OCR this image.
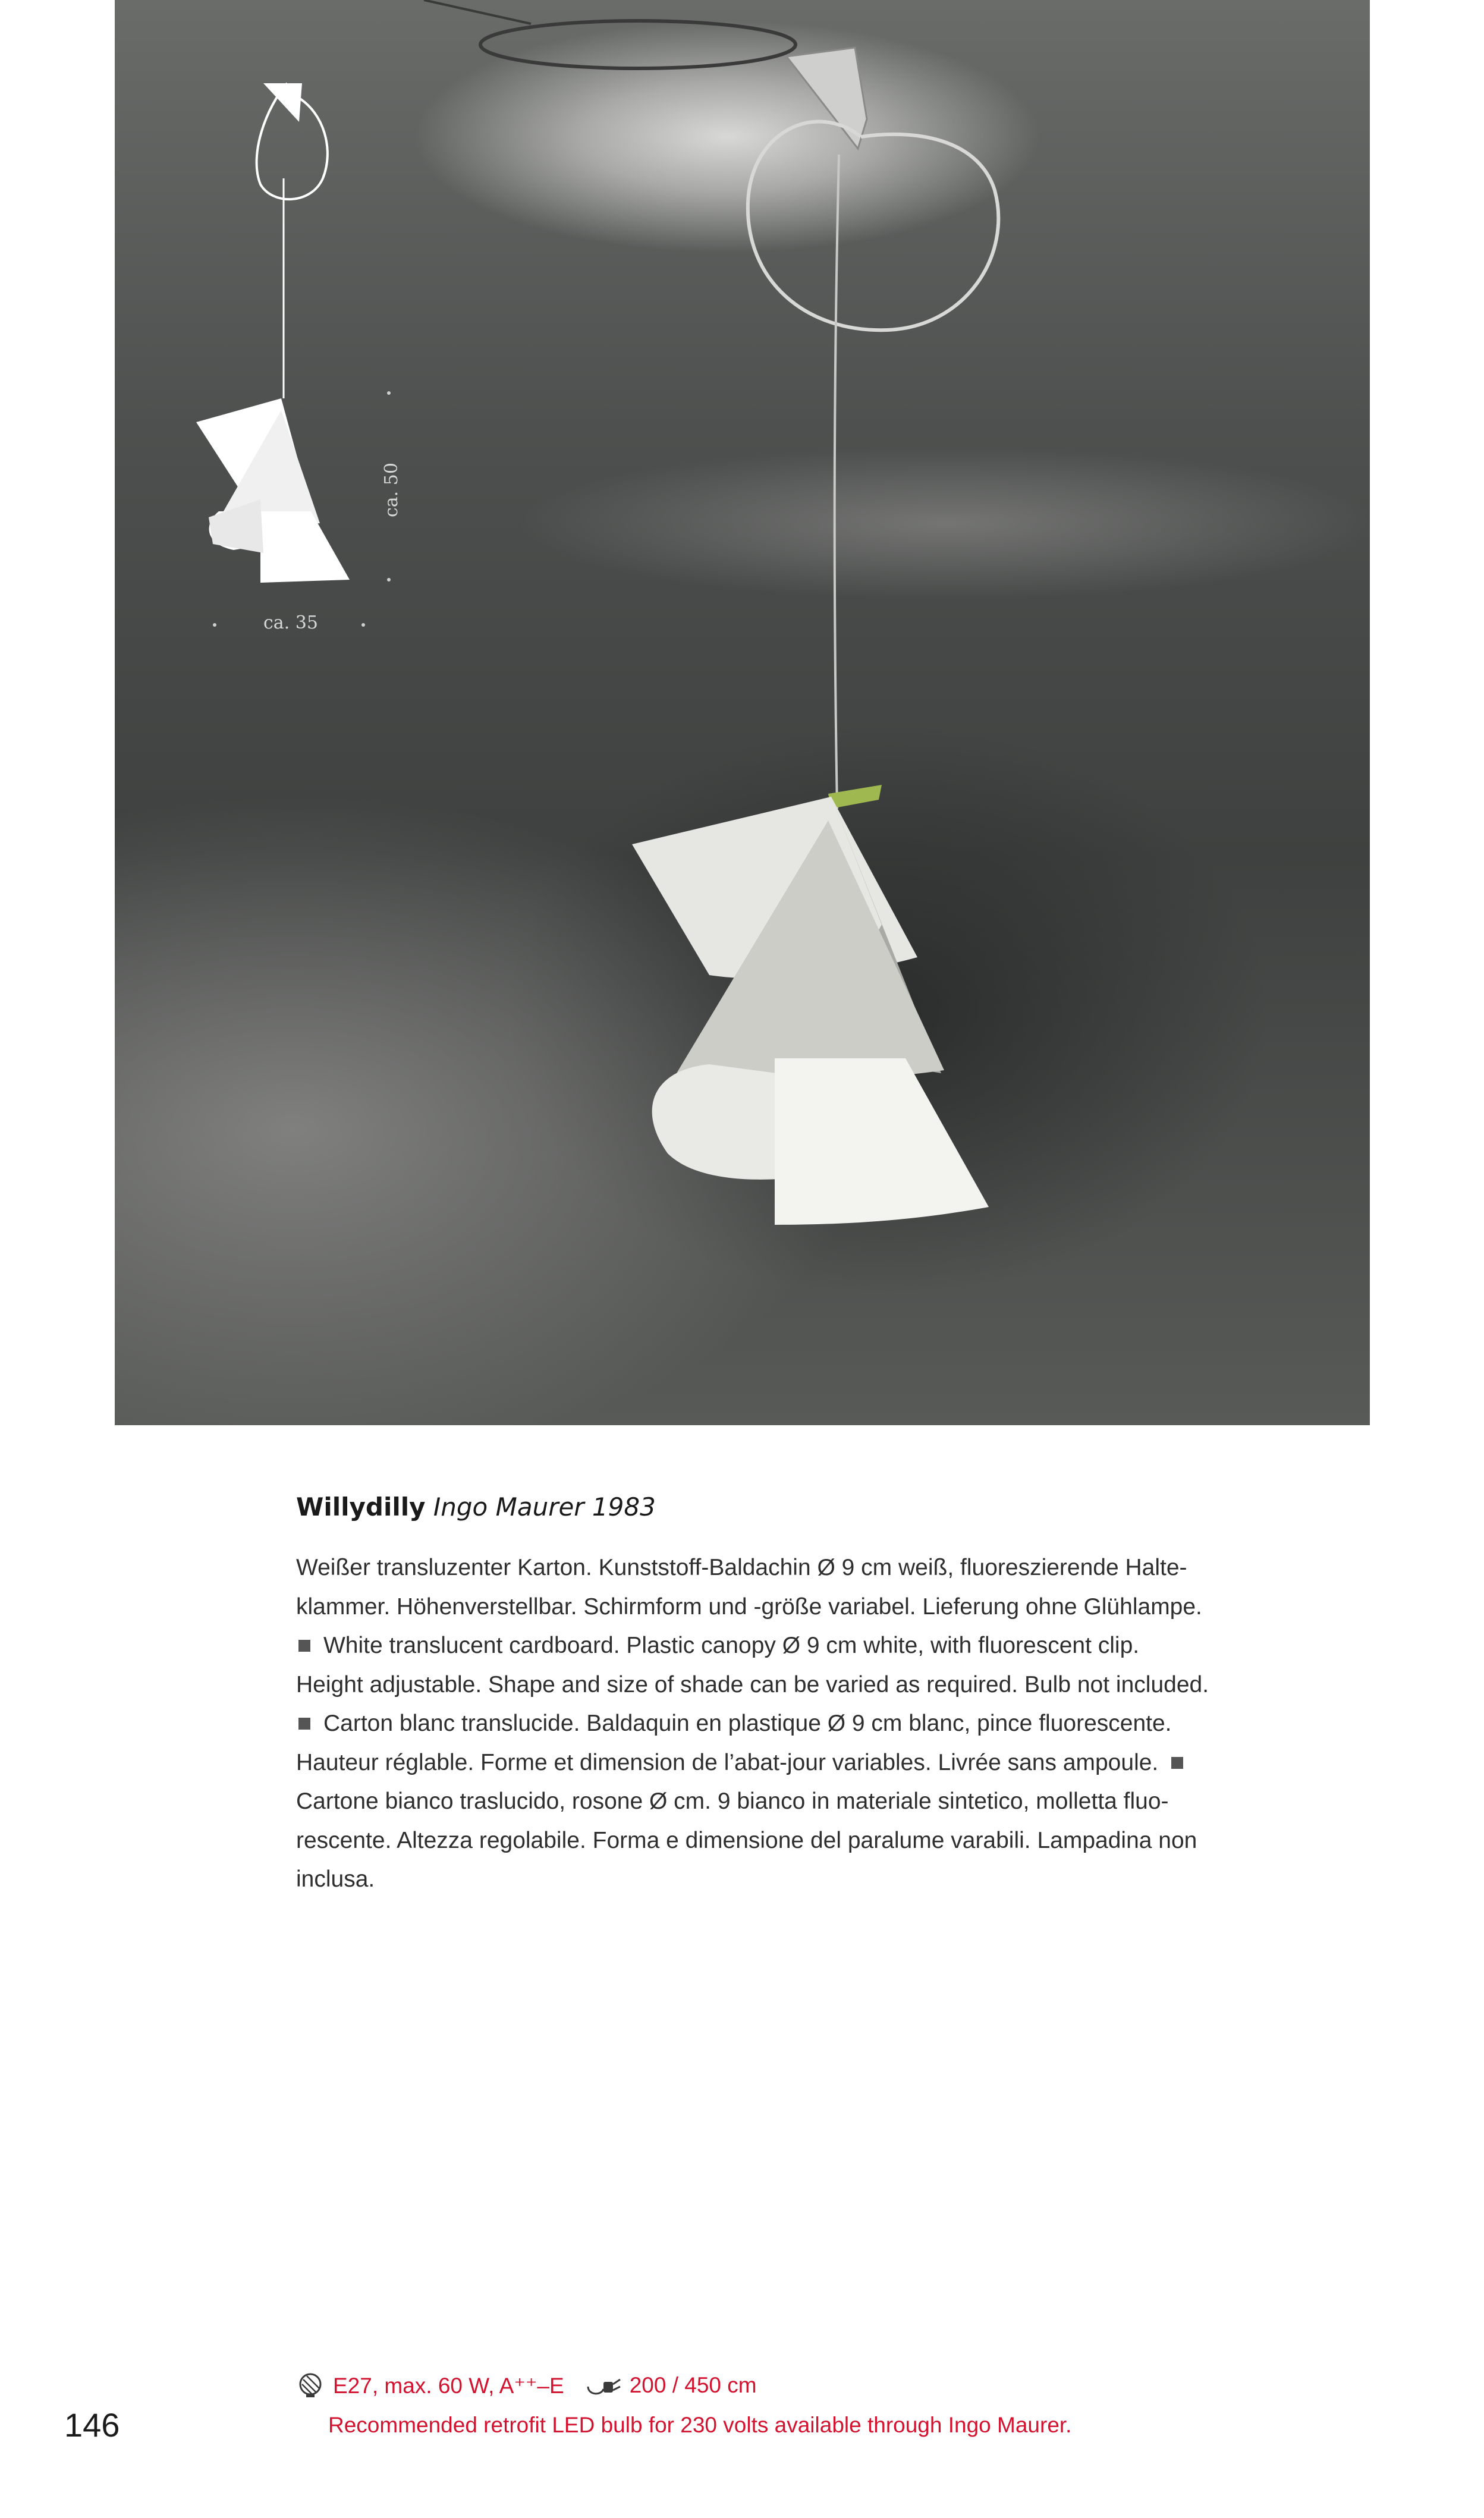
ca. 50
ca. 35
Willydilly Ingo Maurer 1983

Weißer transluzenter Karton. Kunststoff-Baldachin Ø 9 cm weiß, fluoreszierende Halte-
klammer. Höhenverstellbar. Schirmform und -größe variabel. Lieferung ohne Glühlampe.
White translucent cardboard. Plastic canopy Ø 9 cm white, with fluorescent clip.
Height adjustable. Shape and size of shade can be varied as required. Bulb not included.
Carton blanc translucide. Baldaquin en plastique Ø 9 cm blanc, pince fluorescente.
Hauteur réglable. Forme et dimension de l’abat-jour variables. Livrée sans ampoule.
Cartone bianco traslucido, rosone Ø cm. 9 bianco in materiale sintetico, molletta fluo-
rescente. Altezza regolabile. Forma e dimensione del paralume varabili. Lampadina non
inclusa.

E27, max. 60 W, A⁺⁺–E	200 / 450 cm
Recommended retrofit LED bulb for 230 volts available through Ingo Maurer.
146
